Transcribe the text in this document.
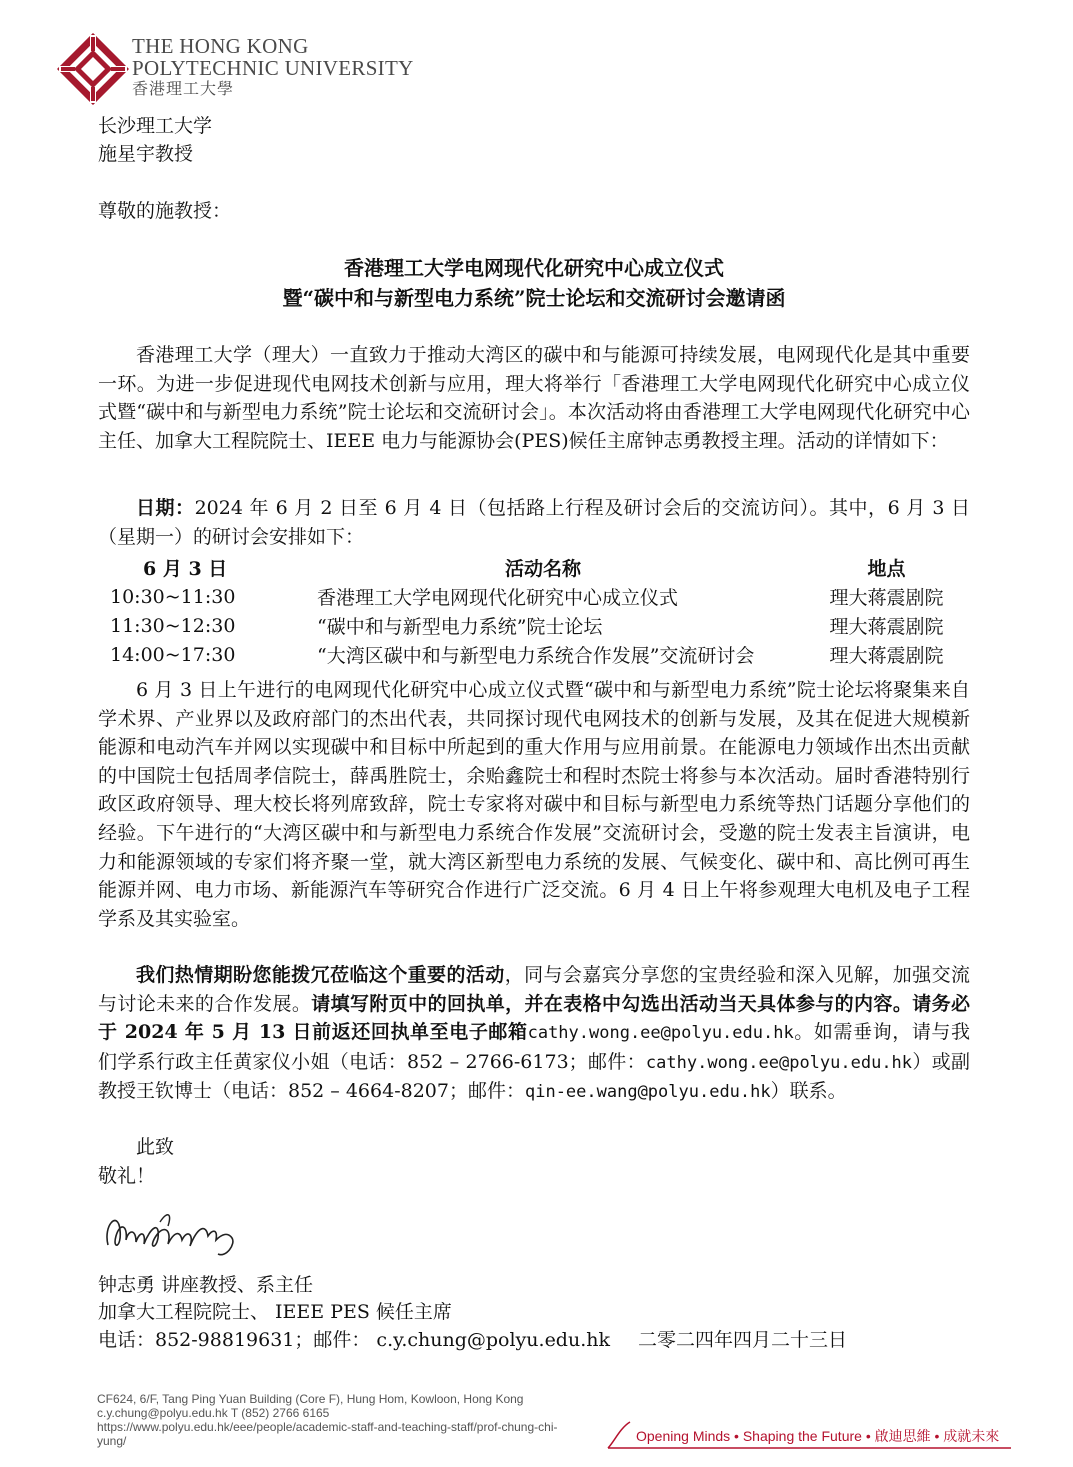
THE HONG KONG
POLYTECHNIC UNIVERSITY
香港理工大學
长沙理工大学
施星宇教授
尊敬的施教授：
香港理工大学电网现代化研究中心成立仪式
暨“碳中和与新型电力系统”院士论坛和交流研讨会邀请函
香港理工大学（理大）一直致力于推动大湾区的碳中和与能源可持续发展，电网现代化是其中重要一环。为进一步促进现代电网技术创新与应用，理大将举行「香港理工大学电网现代化研究中心成立仪式暨“碳中和与新型电力系统”院士论坛和交流研讨会」。本次活动将由香港理工大学电网现代化研究中心主任、加拿大工程院院士、IEEE 电力与能源协会(PES)候任主席钟志勇教授主理。活动的详情如下：
日期：2024 年 6 月 2 日至 6 月 4 日（包括路上行程及研讨会后的交流访问）。其中，6 月 3 日（星期一）的研讨会安排如下：
6 月 3 日	活动名称	地点
10:30~11:30	香港理工大学电网现代化研究中心成立仪式	理大蒋震剧院
11:30~12:30	“碳中和与新型电力系统”院士论坛	理大蒋震剧院
14:00~17:30	“大湾区碳中和与新型电力系统合作发展”交流研讨会	理大蒋震剧院
6 月 3 日上午进行的电网现代化研究中心成立仪式暨“碳中和与新型电力系统”院士论坛将聚集来自学术界、产业界以及政府部门的杰出代表，共同探讨现代电网技术的创新与发展，及其在促进大规模新能源和电动汽车并网以实现碳中和目标中所起到的重大作用与应用前景。在能源电力领域作出杰出贡献的中国院士包括周孝信院士，薛禹胜院士，余贻鑫院士和程时杰院士将参与本次活动。届时香港特别行政区政府领导、理大校长将列席致辞，院士专家将对碳中和目标与新型电力系统等热门话题分享他们的经验。下午进行的“大湾区碳中和与新型电力系统合作发展”交流研讨会，受邀的院士发表主旨演讲，电力和能源领域的专家们将齐聚一堂，就大湾区新型电力系统的发展、气候变化、碳中和、高比例可再生能源并网、电力市场、新能源汽车等研究合作进行广泛交流。6 月 4 日上午将参观理大电机及电子工程学系及其实验室。
我们热情期盼您能拨冗莅临这个重要的活动，同与会嘉宾分享您的宝贵经验和深入见解，加强交流与讨论未来的合作发展。请填写附页中的回执单，并在表格中勾选出活动当天具体参与的内容。请务必于 2024 年 5 月 13 日前返还回执单至电子邮箱cathy.wong.ee@polyu.edu.hk。如需垂询，请与我们学系行政主任黄家仪小姐（电话：852 – 2766-6173；邮件：cathy.wong.ee@polyu.edu.hk）或副教授王钦博士（电话：852 – 4664-8207；邮件：qin-ee.wang@polyu.edu.hk）联系。
此致
敬礼！
钟志勇 讲座教授、系主任
加拿大工程院院士、 IEEE PES 候任主席
电话：852-98819631；邮件： c.y.chung@polyu.edu.hk 二零二四年四月二十三日
CF624, 6/F, Tang Ping Yuan Building (Core F), Hung Hom, Kowloon, Hong Kong
c.y.chung@polyu.edu.hk T (852) 2766 6165
https://www.polyu.edu.hk/eee/people/academic-staff-and-teaching-staff/prof-chung-chi-yung/	Opening Minds • Shaping the Future • 啟迪思維 • 成就未來
